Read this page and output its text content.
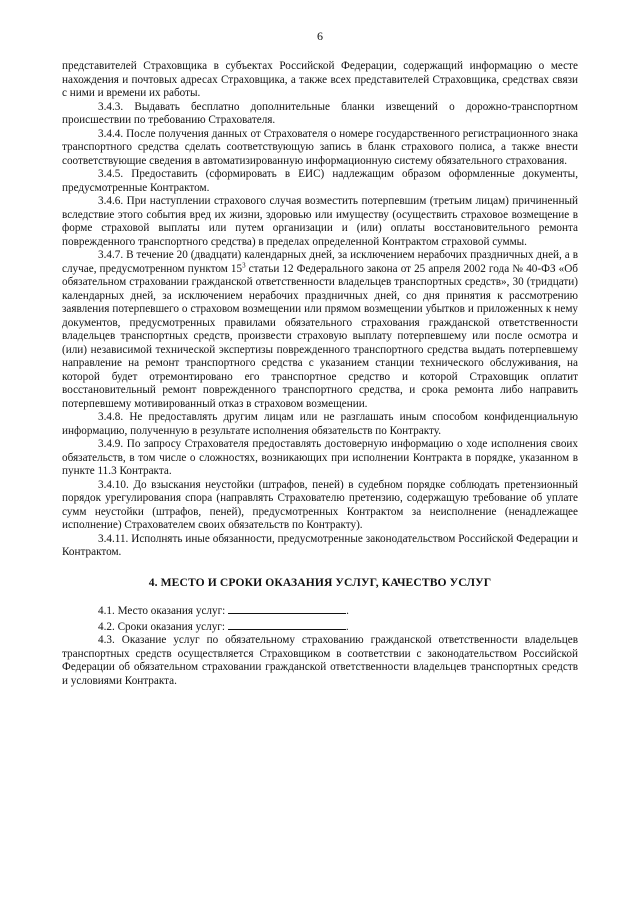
6

представителей Страховщика в субъектах Российской Федерации, содержащий информацию о месте нахождения и почтовых адресах Страховщика, а также всех представителей Страховщика, средствах связи с ними и времени их работы.

3.4.3. Выдавать бесплатно дополнительные бланки извещений о дорожно-транспортном происшествии по требованию Страхователя.

3.4.4. После получения данных от Страхователя о номере государственного регистрационного знака транспортного средства сделать соответствующую запись в бланк страхового полиса, а также внести соответствующие сведения в автоматизированную информационную систему обязательного страхования.

3.4.5. Предоставить (сформировать в ЕИС) надлежащим образом оформленные документы, предусмотренные Контрактом.

3.4.6. При наступлении страхового случая возместить потерпевшим (третьим лицам) причиненный вследствие этого события вред их жизни, здоровью или имуществу (осуществить страховое возмещение в форме страховой выплаты или путем организации и (или) оплаты восстановительного ремонта поврежденного транспортного средства) в пределах определенной Контрактом страховой суммы.

3.4.7. В течение 20 (двадцати) календарных дней, за исключением нерабочих праздничных дней, а в случае, предусмотренном пунктом $15^3$ статьи 12 Федерального закона от 25 апреля 2002 года № 40-ФЗ «Об обязательном страховании гражданской ответственности владельцев транспортных средств», 30 (тридцати) календарных дней, за исключением нерабочих праздничных дней, со дня принятия к рассмотрению заявления потерпевшего о страховом возмещении или прямом возмещении убытков и приложенных к нему документов, предусмотренных правилами обязательного страхования гражданской ответственности владельцев транспортных средств, произвести страховую выплату потерпевшему или после осмотра и (или) независимой технической экспертизы поврежденного транспортного средства выдать потерпевшему направление на ремонт транспортного средства с указанием станции технического обслуживания, на которой будет отремонтировано его транспортное средство и которой Страховщик оплатит восстановительный ремонт поврежденного транспортного средства, и срока ремонта либо направить потерпевшему мотивированный отказ в страховом возмещении.

3.4.8. Не предоставлять другим лицам или не разглашать иным способом конфиденциальную информацию, полученную в результате исполнения обязательств по Контракту.

3.4.9. По запросу Страхователя предоставлять достоверную информацию о ходе исполнения своих обязательств, в том числе о сложностях, возникающих при исполнении Контракта в порядке, указанном в пункте 11.3 Контракта.

3.4.10. До взыскания неустойки (штрафов, пеней) в судебном порядке соблюдать претензионный порядок урегулирования спора (направлять Страхователю претензию, содержащую требование об уплате сумм неустойки (штрафов, пеней), предусмотренных Контрактом за неисполнение (ненадлежащее исполнение) Страхователем своих обязательств по Контракту).

3.4.11. Исполнять иные обязанности, предусмотренные законодательством Российской Федерации и Контрактом.

4. МЕСТО И СРОКИ ОКАЗАНИЯ УСЛУГ, КАЧЕСТВО УСЛУГ

4.1. Место оказания услуг:	.

4.2. Сроки оказания услуг:	.

4.3. Оказание услуг по обязательному страхованию гражданской ответственности владельцев транспортных средств осуществляется Страховщиком в соответствии с законодательством Российской Федерации об обязательном страховании гражданской ответственности владельцев транспортных средств и условиями Контракта.
